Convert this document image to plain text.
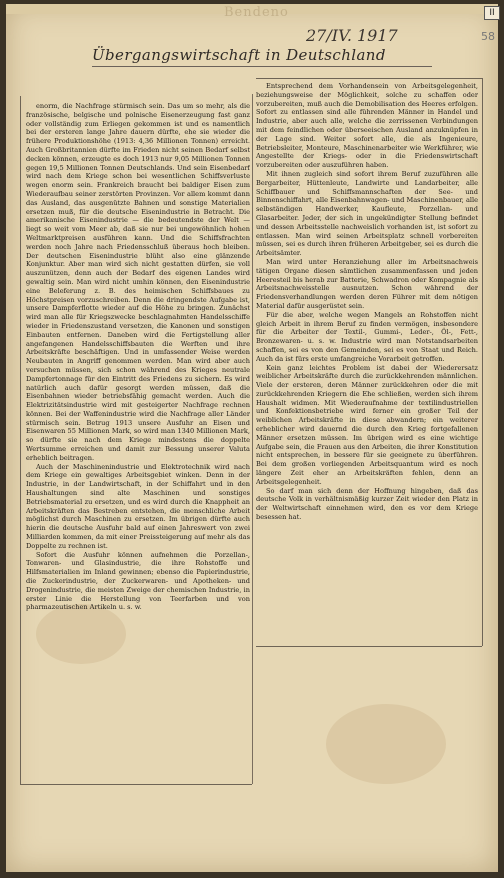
Bendeno	II
27/IV. 1917	58
Übergangswirtschaft in Deutschland

enorm, die Nachfrage stürmisch sein. Das um so mehr, als die französische, belgische und polnische Eisenerzeugung fast ganz oder vollständig zum Erliegen gekommen ist und es namentlich bei der ersteren lange Jahre dauern dürfte, ehe sie wieder die frühere Produktionshöhe (1913: 4,36 Millionen Tonnen) erreicht. Auch Großbritannien dürfte im Frieden nicht seinen Bedarf selbst decken können, erzeugte es doch 1913 nur 9,05 Millionen Tonnen gegen 19,5 Millionen Tonnen Deutschlands. Und sein Eisenbedarf wird nach dem Kriege schon bei wesentlichen Schiffsverluste wegen enorm sein. Frankreich braucht bei baldiger Eisen zum Wiederaufbau seiner zerstörten Provinzen. Vor allem kommt dann das Ausland, das ausgenützte Bahnen und sonstige Materialien ersetzen muß, für die deutsche Eisenindustrie in Betracht. Die amerikanische Eisenindustrie — die bedeutendste der Welt — liegt so weit vom Meer ab, daß sie nur bei ungewöhnlich hohen Weltmarktpreisen ausführen kann. Und die Schiffsfrachten werden noch Jahre nach Friedensschluß überaus hoch bleiben. Der deutschen Eisenindustrie blüht also eine glänzende Konjunktur. Aber man wird sich nicht gestatten dürfen, sie voll auszunützen, denn auch der Bedarf des eigenen Landes wird gewaltig sein. Man wird nicht umhin können, den Eisenindustrie eine Beleferung z. B. des heimischen Schiffsbaues zu Höchstpreisen vorzuschreiben. Denn die dringendste Aufgabe ist, unsere Dampferflotte wieder auf die Höhe zu bringen. Zunächst wird man alle für Kriegszwecke beschlagnahmten Handelsschiffe wieder in Friedenszustand versetzen, die Kanonen und sonstigen Einbauten entfernen. Daneben wird die Fertigstellung aller angefangenen Handelsschiffsbauten die Werften und ihre Arbeitskräfte beschäftigen. Und in umfassender Weise werden Neubauten in Angriff genommen werden. Man wird aber auch versuchen müssen, sich schon während des Krieges neutrale Dampfertonnage für den Eintritt des Friedens zu sichern. Es wird natürlich auch dafür gesorgt werden müssen, daß die Eisenbahnen wieder betriebsfähig gemacht werden. Auch die Elektrizitätsindustrie wird mit gesteigerter Nachfrage rechnen können. Bei der Waffenindustrie wird die Nachfrage aller Länder stürmisch sein. Betrug 1913 unsere Ausfuhr an Eisen und Eisenwaren 55 Millionen Mark, so wird man 1340 Millionen Mark, so dürfte sie nach dem Kriege mindestens die doppelte Wertsumme erreichen und damit zur Bessung unserer Valuta erheblich beitragen.

Auch der Maschinenindustrie und Elektrotechnik wird nach dem Kriege ein gewaltiges Arbeitsgebiet winken. Denn in der Industrie, in der Landwirtschaft, in der Schiffahrt und in den Haushaltungen sind alte Maschinen und sonstiges Betriebsmaterial zu ersetzen, und es wird durch die Knappheit an Arbeitskräften das Bestreben entstehen, die menschliche Arbeit möglichst durch Maschinen zu ersetzen. Im übrigen dürfte auch hierin die deutsche Ausfuhr bald auf einen Jahreswert von zwei Milliarden kommen, da mit einer Preissteigerung auf mehr als das Doppelte zu rechnen ist.

Sofort die Ausfuhr können aufnehmen die Porzellan-, Tonwaren- und Glasindustrie, die ihre Rohstoffe und Hilfsmaterialien im Inland gewinnen; ebenso die Papierindustrie, die Zuckerindustrie, der Zuckerwaren- und Apotheken- und Drogenindustrie, die meisten Zweige der chemischen Industrie, in erster Linie die Herstellung von Teerfarben und von pharmazeutischen Artikeln u. s. w.

Entsprechend dem Vorhandensein von Arbeitsgelegenheit, beziehungsweise der Möglichkeit, solche zu schaffen oder vorzubereiten, muß auch die Demobilisation des Heeres erfolgen. Sofort zu entlassen sind alle führenden Männer in Handel und Industrie, aber auch alle, welche die zerrissenen Verbindungen mit dem feindlichen oder überseeischen Ausland anzuknüpfen in der Lage sind. Weiter sofort alle, die als Ingenieure, Betriebsleiter, Monteure, Maschinenarbeiter wie Werkführer, wie Angestellte der Kriegs- oder in die Friedenswirtschaft vorzubereiten oder auszuführen haben.

Mit ihnen zugleich sind sofort ihrem Beruf zuzuführen alle Bergarbeiter, Hüttenleute, Landwirte und Landarbeiter, alle Schiffbauer und Schiffsmannschaften der See- und Binnenschiffahrt, alle Eisenbahnwagen- und Maschinenbauer, alle selbständigen Handwerker, Kaufleute, Porzellan- und Glasarbeiter. Jeder, der sich in ungekündigter Stellung befindet und dessen Arbeitsstelle nachweislich vorhanden ist, ist sofort zu entlassen. Man wird seinen Arbeitsplatz schnell vorbereiten müssen, sei es durch ihren früheren Arbeitgeber, sei es durch die Arbeitsämter.

Man wird unter Heranziehung aller im Arbeitsnachweis tätigen Organe diesen sämtlichen zusammenfassen und jeden Heeresteil bis herab zur Batterie, Schwadron oder Kompagnie als Arbeitsnachweisstelle ausnutzen. Schon während der Friedensverhandlungen werden deren Führer mit dem nötigen Material dafür ausgerüstet sein.

Für die aber, welche wegen Mangels an Rohstoffen nicht gleich Arbeit in ihrem Beruf zu finden vermögen, insbesondere für die Arbeiter der Textil-, Gummi-, Leder-, Öl-, Fett-, Bronzewaren- u. s. w. Industrie wird man Notstandsarbeiten schaffen, sei es von den Gemeinden, sei es von Staat und Reich. Auch da ist fürs erste umfangreiche Vorarbeit getroffen.

Kein ganz leichtes Problem ist dabei der Wiederersatz weiblicher Arbeitskräfte durch die zurückkehrenden männlichen. Viele der ersteren, deren Männer zurückkehren oder die mit zurückkehrenden Kriegern die Ehe schließen, werden sich ihrem Haushalt widmen. Mit Wiederaufnahme der textilindustriellen und Konfektionsbetriebe wird ferner ein großer Teil der weiblichen Arbeitskräfte in diese abwandern; ein weiterer erheblicher wird dauernd die durch den Krieg fortgefallenen Männer ersetzen müssen. Im übrigen wird es eine wichtige Aufgabe sein, die Frauen aus den Arbeiten, die ihrer Konstitution nicht entsprechen, in bessere für sie geeignete zu überführen. Bei dem großen vorliegenden Arbeitsquantum wird es noch längere Zeit eher an Arbeitskräften fehlen, denn an Arbeitsgelegenheit.

So darf man sich denn der Hoffnung hingeben, daß das deutsche Volk in verhältnismäßig kurzer Zeit wieder den Platz in der Weltwirtschaft einnehmen wird, den es vor dem Kriege besessen hat.
